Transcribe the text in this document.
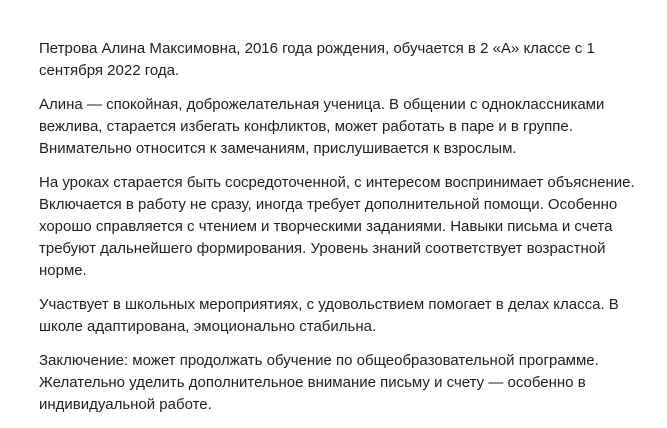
Петрова Алина Максимовна, 2016 года рождения, обучается в 2 «А» классе с 1 сентября 2022 года.

Алина — спокойная, доброжелательная ученица. В общении с одноклассниками вежлива, старается избегать конфликтов, может работать в паре и в группе. Внимательно относится к замечаниям, прислушивается к взрослым.

На уроках старается быть сосредоточенной, с интересом воспринимает объяснение. Включается в работу не сразу, иногда требует дополнительной помощи. Особенно хорошо справляется с чтением и творческими заданиями. Навыки письма и счета требуют дальнейшего формирования. Уровень знаний соответствует возрастной норме.

Участвует в школьных мероприятиях, с удовольствием помогает в делах класса. В школе адаптирована, эмоционально стабильна.

Заключение: может продолжать обучение по общеобразовательной программе. Желательно уделить дополнительное внимание письму и счету — особенно в индивидуальной работе.
